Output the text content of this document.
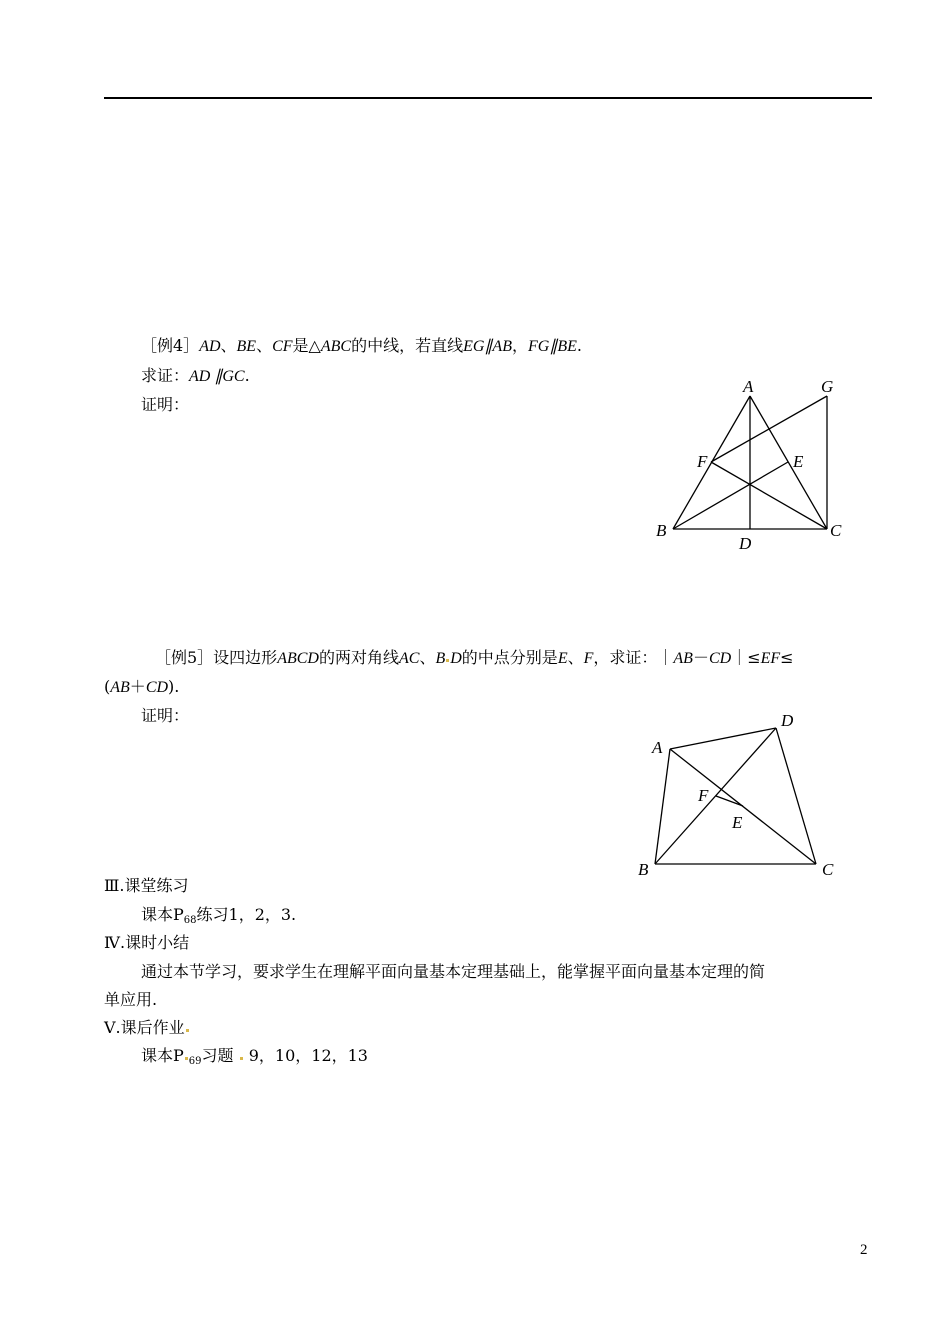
［例4］AD、BE、CF是△ABC的中线，若直线EG∥AB，FG∥BE.
求证：AD ∥GC.
证明：
A	G
F	E
B
D
C
［例5］设四边形ABCD的两对角线AC、B D的中点分别是E、F，求证：｜AB－CD｜≤EF≤
(AB＋CD).
证明：
A
D
F
E
B	C
Ⅲ.课堂练习
课本$P_{68}$练习1，2，3.
Ⅳ.课时小结
通过本节学习，要求学生在理解平面向量基本定理基础上，能掌握平面向量基本定理的简
单应用.
Ⅴ.课后作业
课本P $_{69}$习题 9，10，12，13
2
